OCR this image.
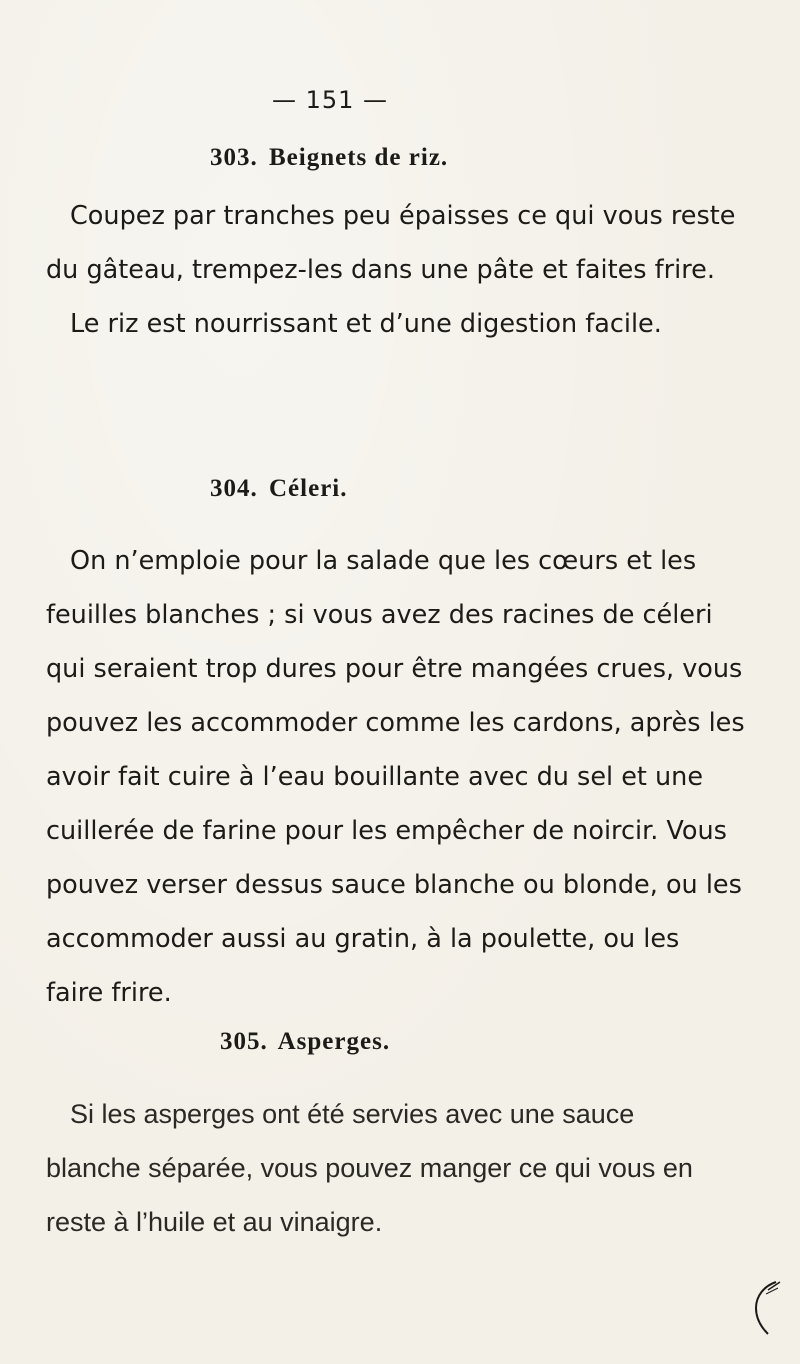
— 151 —
303. Beignets de riz.
Coupez par tranches peu épaisses ce qui vous reste
du gâteau, trempez-les dans une pâte et faites frire.
Le riz est nourrissant et d’une digestion facile.
304. Céleri.
On n’emploie pour la salade que les cœurs et les
feuilles blanches ; si vous avez des racines de céleri
qui seraient trop dures pour être mangées crues, vous
pouvez les accommoder comme les cardons, après les
avoir fait cuire à l’eau bouillante avec du sel et une
cuillerée de farine pour les empêcher de noircir. Vous
pouvez verser dessus sauce blanche ou blonde, ou les
accommoder aussi au gratin, à la poulette, ou les
faire frire.
305. Asperges.
Si les asperges ont été servies avec une sauce
blanche séparée, vous pouvez manger ce qui vous en
reste à l’huile et au vinaigre.
